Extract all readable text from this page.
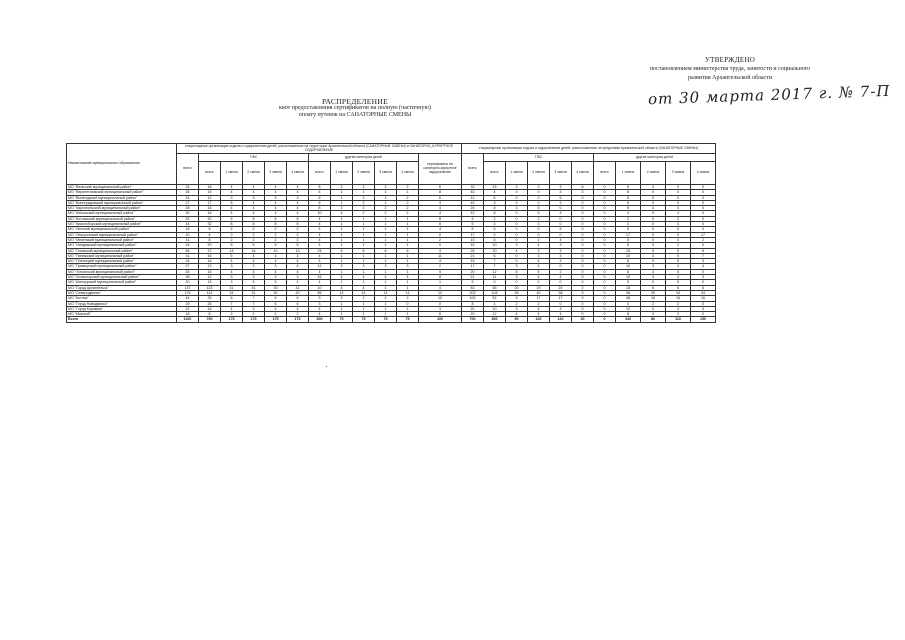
УТВЕРЖДЕНО
постановлением министерства труда, занятости и социального
развития Архангельской области
от 30 марта 2017 г. № 7-П
РАСПРЕДЕЛЕНИЕ
квот предоставления сертификатов на полную (частичную)
оплату путевок на САНАТОРНЫЕ СМЕНЫ
Наименование муниципального образования	стационарные организации отдыха и оздоровления детей, расположенные на территории Архангельской области (САНАТОРНЫЕ СМЕНЫ) и САНАТОРНО_КУРОРТНОЕ ОЗДОРОВЛЕНИЕ												стационарные организации отдыха и оздоровления детей, расположенные за пределами Архангельской области (САНАТОРНЫЕ СМЕНЫ)										
	всего	ТЖС					другие категории детей					сертификаты на санаторно-курортное оздоровление	всего	ТЖС					другие категории детей				
		всего	1 смена	2 смена	3 смена	4 смена	всего	1 смена	2 смена	3 смена	4 смена			всего	1 смена	2 смена	3 смена	4 смена	всего	1 смена	2 смена	3 смена	4 смена
МО "Вельский муниципальный район"	32	18	4	4	4	4	8	2	2	2	2	6	32	15	3	3	3	6	0	6	3	0	0
МО "Верхнетоемский муниципальный район"	28	16	4	4	4	4	4	1	1	1	1	8	40	4	0	0	4	0	0	6	0	0	0
МО "Вилегодский муниципальный район"	24	12	3	3	3	3	6	1	2	1	2	6	12	6	0	0	6	0	0	6	0	0	0
МО "Виноградовский муниципальный район"	27	17	5	4	4	4	6	1	2	1	2	4	40	3	0	0	3	0	0	6	0	0	0
МО "Каргопольский муниципальный район"	28	16	4	4	4	4	8	2	2	2	2	4	24	8	3	5	0	0	0	6	3	3	0
МО "Коношский муниципальный район"	30	16	4	4	4	4	10	4	2	2	2	4	12	8	0	5	3	0	0	4	0	4	0
МО "Котласский муниципальный район"	32	20	5	5	5	5	4	1	1	1	1	8	4	2	0	2	0	0	0	2	0	2	0
МО "Красноборский муниципальный район"	44	32	8	8	8	8	4	1	1	1	1	8	5	3	0	3	0	0	0	3	0	3	0
МО "Ленский муниципальный район"	16	8	2	2	2	2	4	1	1	1	1	4	5	5	0	0	5	0	0	5	0	0	0
МО "Лешуконский муниципальный район"	10	6	0	2	2	2	4	1	1	1	1	0	17	0	0	0	0	0	0	17	0	0	17
МО "Мезенский муниципальный район"	14	8	2	2	2	2	4	1	1	1	1	2	10	5	0	1	4	0	0	5	0	3	2
МО "Няндомский муниципальный район"	24	20	5	5	5	5	4	1	1	1	1	0	15	10	3	4	3	0	0	5	3	2	0
МО "Онежский муниципальный район"	65	37	14	14	10	13	24	6	6	6	6	4	25	10	4	3	3	0	0	15	5	5	5
МО "Пинежский муниципальный район"	31	16	5	4	4	3	4	1	1	1	1	11	21	6	0	3	3	0	0	15	3	5	7
МО "Плесецкий муниципальный район"	24	16	4	4	4	4	4	1	1	1	1	4	15	7	0	4	3	0	0	8	0	5	3
МО "Приморский муниципальный район"	27	13	3	3	3	4	12	3	3	3	3	2	17	7	3	4	0	0	0	10	3	3	4
МО "Устьянский муниципальный район"	25	16	4	4	4	4	4	1	1	1	1	5	20	12	5	5	2	0	0	8	3	5	0
МО "Холмогорский муниципальный район"	36	12	3	3	3	3	16	4	4	4	4	8	21	11	3	4	4	0	0	10	3	4	3
МО "Шенкурский муниципальный район"	20	15	3	5	5	2	4	1	1	1	1	1	5	0	0	0	0	0	0	5	0	5	0
МО "Город Архангельск"	137	123	31	31	30	31	10	4	4	1	1	4	83	65	20	19	24	2	0	18	6	6	6
МО "Северодвинск"	176	112	31	31	30	20	56	14	14	14	14	12	202	104	26	40	38	0	0	98	30	34	34
МО "Котлас"	44	25	6	7	6	6	9	3	2	2	2	10	100	52	9	17	17	9	0	48	16	16	16
МО "Город Новодвинск"	29	26	7	7	6	6	3	1	1	1	0	0	8	4	2	2	0	0	0	4	2	2	0
МО "Город Коряжма"	22	15	4	3	4	4	4	1	1	1	1	3	20	10	3	4	3	0	0	10	3	3	4
МО "Мирный"	18	8	2	2	2	2	4	1	1	1	1	6	20	12	4	4	4	0	0	8	3	3	2
Всего	1100	700	175	175	175	175	300	75	75	75	75	100	700	360	90	120	120	30	0	340	80	110	150
